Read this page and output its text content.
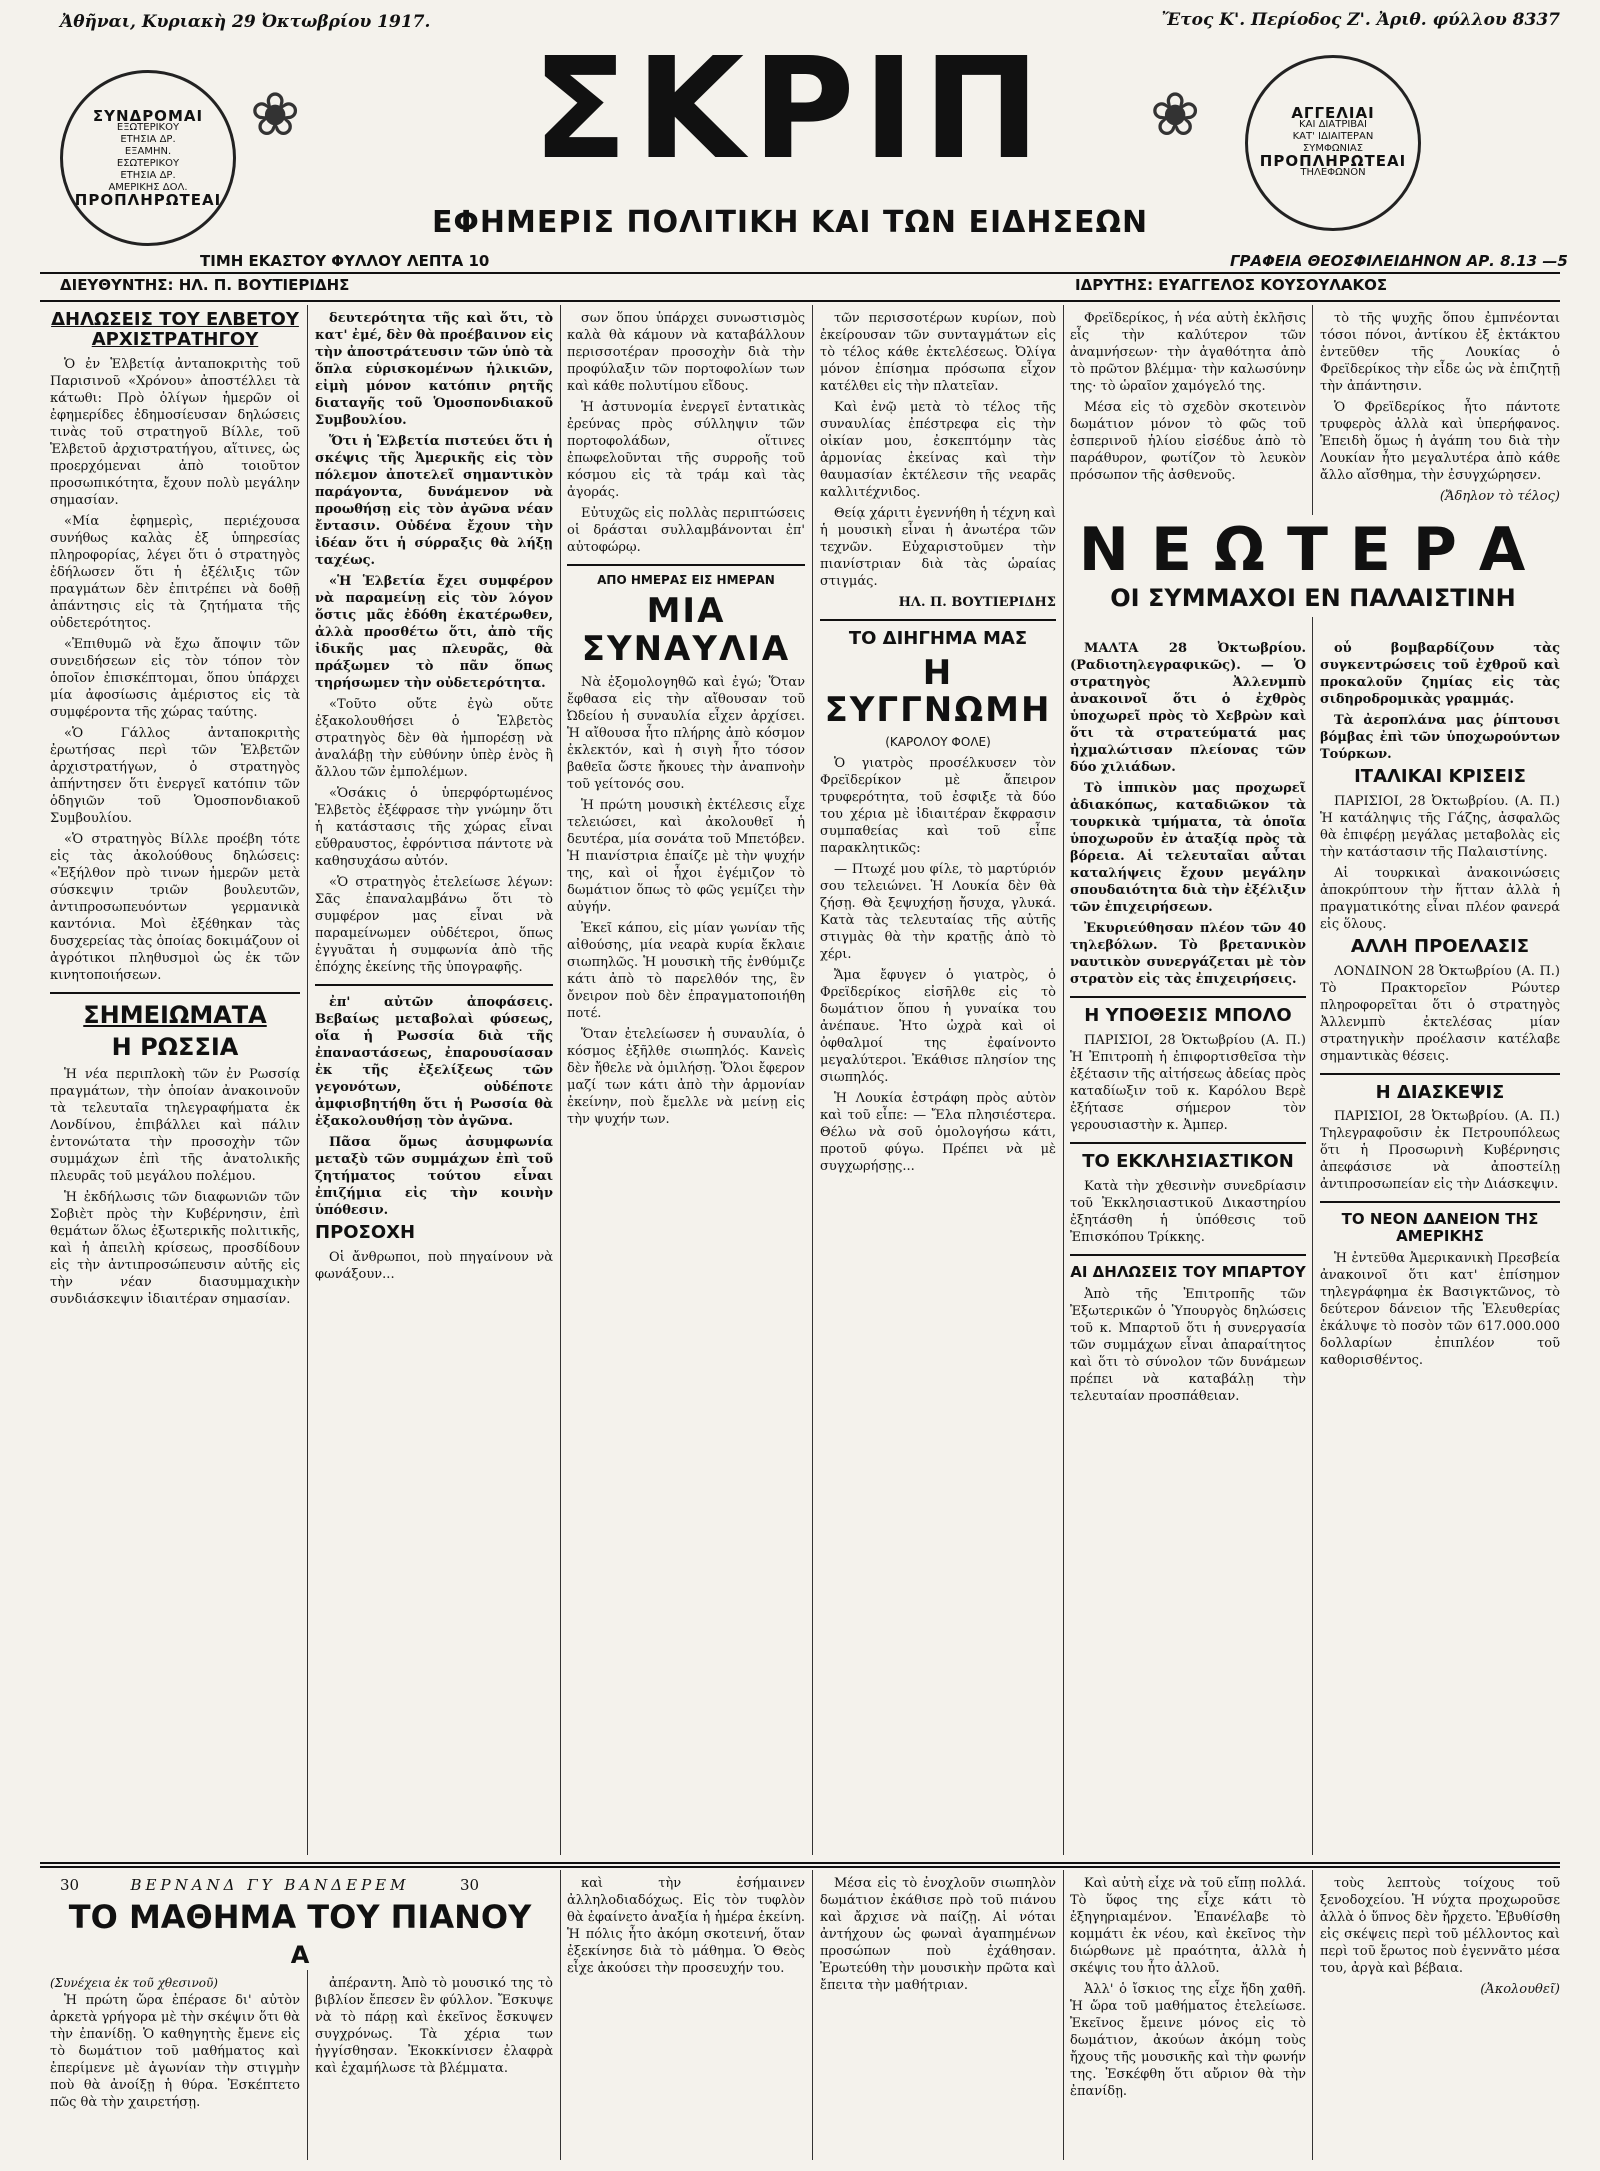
Ἀθῆναι, Κυριακὴ 29 Ὀκτωβρίου 1917.	Ἔτος Κ'. Περίοδος Ζ'. Ἀριθ. φύλλου 8337
ΣΥΝΔΡΟΜΑΙ
ΕΞΩΤΕΡΙΚΟΥ
ΕΤΗΣΙΑ ΔΡ.
ΕΞΑΜΗΝ.
ΕΣΩΤΕΡΙΚΟΥ
ΕΤΗΣΙΑ ΔΡ.
ΑΜΕΡΙΚΗΣ ΔΟΛ.
ΠΡΟΠΛΗΡΩΤΕΑΙ
❀	❀
ΣΚΡΙΠ
ΕΦΗΜΕΡΙΣ ΠΟΛΙΤΙΚΗ ΚΑΙ ΤΩΝ ΕΙΔΗΣΕΩΝ
ΑΓΓΕΛΙΑΙ
ΚΑΙ ΔΙΑΤΡΙΒΑΙ
ΚΑΤ' ΙΔΙΑΙΤΕΡΑΝ
ΣΥΜΦΩΝΙΑΣ
ΠΡΟΠΛΗΡΩΤΕΑΙ
ΤΗΛΕΦΩΝΟΝ
ΤΙΜΗ ΕΚΑΣΤΟΥ ΦΥΛΛΟΥ ΛΕΠΤΑ 10	ΓΡΑΦΕΙΑ ΘΕΟΣΦΙΛΕΙΔΗΝΟΝ ΑΡ. 8.13 —5
ΔΙΕΥΘΥΝΤΗΣ: ΗΛ. Π. ΒΟΥΤΙΕΡΙΔΗΣ	ΙΔΡΥΤΗΣ: ΕΥΑΓΓΕΛΟΣ ΚΟΥΣΟΥΛΑΚΟΣ
ΔΗΛΩΣΕΙΣ ΤΟΥ ΕΛΒΕΤΟΥ ΑΡΧΙΣΤΡΑΤΗΓΟΥ

Ὁ ἐν Ἑλβετίᾳ ἀνταποκριτὴς τοῦ Παρισινοῦ «Χρόνου» ἀποστέλλει τὰ κάτωθι: Πρὸ ὀλίγων ἡμερῶν οἱ ἐφημερίδες ἐδημοσίευσαν δηλώσεις τινὰς τοῦ στρατηγοῦ Βίλλε, τοῦ Ἑλβετοῦ ἀρχιστρατήγου, αἵτινες, ὡς προερχόμεναι ἀπὸ τοιοῦτον προσωπικότητα, ἔχουν πολὺ μεγάλην σημασίαν.

«Μία ἐφημερὶς, περιέχουσα συνήθως καλὰς ἐξ ὑπηρεσίας πληροφορίας, λέγει ὅτι ὁ στρατηγὸς ἐδήλωσεν ὅτι ἡ ἐξέλιξις τῶν πραγμάτων δὲν ἐπιτρέπει νὰ δοθῇ ἀπάντησις εἰς τὰ ζητήματα τῆς οὐδετερότητος.

«Ἐπιθυμῶ νὰ ἔχω ἄποψιν τῶν συνειδήσεων εἰς τὸν τόπον τὸν ὁποῖον ἐπισκέπτομαι, ὅπου ὑπάρχει μία ἀφοσίωσις ἀμέριστος εἰς τὰ συμφέροντα τῆς χώρας ταύτης.

«Ὁ Γάλλος ἀνταποκριτὴς ἐρωτήσας περὶ τῶν Ἑλβετῶν ἀρχιστρατήγων, ὁ στρατηγὸς ἀπήντησεν ὅτι ἐνεργεῖ κατόπιν τῶν ὁδηγιῶν τοῦ Ὁμοσπονδιακοῦ Συμβουλίου.

«Ὁ στρατηγὸς Βίλλε προέβη τότε εἰς τὰς ἀκολούθους δηλώσεις: «Ἐξήλθον πρὸ τινων ἡμερῶν μετὰ σύσκεψιν τριῶν βουλευτῶν, ἀντιπροσωπευόντων γερμανικὰ καντόνια. Μοὶ ἐξέθηκαν τὰς δυσχερείας τὰς ὁποίας δοκιμάζουν οἱ ἀγρότικοι πληθυσμοὶ ὡς ἐκ τῶν κινητοποιήσεων.

ΣΗΜΕΙΩΜΑΤΑ
Η ΡΩΣΣΙΑ

Ἡ νέα περιπλοκὴ τῶν ἐν Ρωσσίᾳ πραγμάτων, τὴν ὁποίαν ἀνακοινοῦν τὰ τελευταῖα τηλεγραφήματα ἐκ Λονδίνου, ἐπιβάλλει καὶ πάλιν ἐντονώτατα τὴν προσοχὴν τῶν συμμάχων ἐπὶ τῆς ἀνατολικῆς πλευρᾶς τοῦ μεγάλου πολέμου.

Ἡ ἐκδήλωσις τῶν διαφωνιῶν τῶν Σοβιὲτ πρὸς τὴν Κυβέρνησιν, ἐπὶ θεμάτων ὅλως ἐξωτερικῆς πολιτικῆς, καὶ ἡ ἀπειλὴ κρίσεως, προσδίδουν εἰς τὴν ἀντιπροσώπευσιν αὐτῆς εἰς τὴν νέαν διασυμμαχικὴν συνδιάσκεψιν ἰδιαιτέραν σημασίαν.

δευτερότητα τῆς καὶ ὅτι, τὸ κατ' ἐμέ, δὲν θὰ προέβαινον εἰς τὴν ἀποστράτευσιν τῶν ὑπὸ τὰ ὅπλα εὑρισκομένων ἡλικιῶν, εἰμὴ μόνον κατόπιν ρητῆς διαταγῆς τοῦ Ὁμοσπονδιακοῦ Συμβουλίου.

Ὅτι ἡ Ἑλβετία πιστεύει ὅτι ἡ σκέψις τῆς Ἀμερικῆς εἰς τὸν πόλεμον ἀποτελεῖ σημαντικὸν παράγοντα, δυνάμενον νὰ προωθήσῃ εἰς τὸν ἀγῶνα νέαν ἔντασιν. Οὐδένα ἔχουν τὴν ἰδέαν ὅτι ἡ σύρραξις θὰ λήξῃ ταχέως.

«Ἡ Ἑλβετία ἔχει συμφέρον νὰ παραμείνῃ εἰς τὸν λόγον ὅστις μᾶς ἐδόθη ἑκατέρωθεν, ἀλλὰ προσθέτω ὅτι, ἀπὸ τῆς ἰδικῆς μας πλευρᾶς, θὰ πράξωμεν τὸ πᾶν ὅπως τηρήσωμεν τὴν οὐδετερότητα.

«Τοῦτο οὔτε ἐγὼ οὔτε ἐξακολουθήσει ὁ Ἑλβετὸς στρατηγὸς δὲν θὰ ἠμπορέσῃ νὰ ἀναλάβῃ τὴν εὐθύνην ὑπὲρ ἑνὸς ἢ ἄλλου τῶν ἐμπολέμων.

«Ὁσάκις ὁ ὑπερφόρτωμένος Ἑλβετὸς ἐξέφρασε τὴν γνώμην ὅτι ἡ κατάστασις τῆς χώρας εἶναι εὔθραυστος, ἐφρόντισα πάντοτε νὰ καθησυχάσω αὐτόν.

«Ὁ στρατηγὸς ἐτελείωσε λέγων: Σᾶς ἐπαναλαμβάνω ὅτι τὸ συμφέρον μας εἶναι νὰ παραμείνωμεν οὐδέτεροι, ὅπως ἐγγυᾶται ἡ συμφωνία ἀπὸ τῆς ἐπόχης ἐκείνης τῆς ὑπογραφῆς.

ἐπ' αὐτῶν ἀποφάσεις. Βεβαίως μεταβολαὶ φύσεως, οἵα ἡ Ρωσσία διὰ τῆς ἐπαναστάσεως, ἐπαρουσίασαν ἐκ τῆς ἐξελίξεως τῶν γεγονότων, οὐδέποτε ἀμφισβητήθη ὅτι ἡ Ρωσσία θὰ ἐξακολουθήσῃ τὸν ἀγῶνα.

Πᾶσα ὅμως ἀσυμφωνία μεταξὺ τῶν συμμάχων ἐπὶ τοῦ ζητήματος τούτου εἶναι ἐπιζήμια εἰς τὴν κοινὴν ὑπόθεσιν.

ΠΡΟΣΟΧΗ

Οἱ ἄνθρωποι, ποὺ πηγαίνουν νὰ φωνάξουν...

σων ὅπου ὑπάρχει συνωστισμὸς καλὰ θὰ κάμουν νὰ καταβάλλουν περισσοτέραν προσοχὴν διὰ τὴν προφύλαξιν τῶν πορτοφολίων των καὶ κάθε πολυτίμου εἴδους.

Ἡ ἀστυνομία ἐνεργεῖ ἐντατικὰς ἐρεύνας πρὸς σύλληψιν τῶν πορτοφολάδων, οἵτινες ἐπωφελοῦνται τῆς συρροῆς τοῦ κόσμου εἰς τὰ τράμ καὶ τὰς ἀγοράς.

Εὐτυχῶς εἰς πολλὰς περιπτώσεις οἱ δράσται συλλαμβάνονται ἐπ' αὐτοφώρῳ.

ΑΠΟ ΗΜΕΡΑΣ ΕΙΣ ΗΜΕΡΑΝ
ΜΙΑ ΣΥΝΑΥΛΙΑ

Νὰ ἐξομολογηθῶ καὶ ἐγώ; Ὅταν ἔφθασα εἰς τὴν αἴθουσαν τοῦ Ὠδείου ἡ συναυλία εἶχεν ἀρχίσει. Ἡ αἴθουσα ἦτο πλήρης ἀπὸ κόσμον ἐκλεκτόν, καὶ ἡ σιγὴ ἦτο τόσον βαθεῖα ὥστε ἤκουες τὴν ἀναπνοὴν τοῦ γείτονός σου.

Ἡ πρώτη μουσικὴ ἐκτέλεσις εἶχε τελειώσει, καὶ ἀκολουθεῖ ἡ δευτέρα, μία σονάτα τοῦ Μπετόβεν. Ἡ πιανίστρια ἐπαίζε μὲ τὴν ψυχήν της, καὶ οἱ ἦχοι ἐγέμιζον τὸ δωμάτιον ὅπως τὸ φῶς γεμίζει τὴν αὐγήν.

Ἐκεῖ κάπου, εἰς μίαν γωνίαν τῆς αἰθούσης, μία νεαρὰ κυρία ἔκλαιε σιωπηλῶς. Ἡ μουσικὴ τῆς ἐνθύμιζε κάτι ἀπὸ τὸ παρελθόν της, ἓν ὄνειρον ποὺ δὲν ἐπραγματοποιήθη ποτέ.

Ὅταν ἐτελείωσεν ἡ συναυλία, ὁ κόσμος ἐξῆλθε σιωπηλός. Κανεὶς δὲν ἤθελε νὰ ὁμιλήσῃ. Ὅλοι ἔφερον μαζί των κάτι ἀπὸ τὴν ἁρμονίαν ἐκείνην, ποὺ ἔμελλε νὰ μείνῃ εἰς τὴν ψυχήν των.

τῶν περισσοτέρων κυρίων, ποὺ ἐκείρουσαν τῶν συνταγμάτων εἰς τὸ τέλος κάθε ἐκτελέσεως. Ὀλίγα μόνον ἐπίσημα πρόσωπα εἶχον κατέλθει εἰς τὴν πλατεῖαν.

Καὶ ἐνῷ μετὰ τὸ τέλος τῆς συναυλίας ἐπέστρεφα εἰς τὴν οἰκίαν μου, ἐσκεπτόμην τὰς ἁρμονίας ἐκείνας καὶ τὴν θαυμασίαν ἐκτέλεσιν τῆς νεαρᾶς καλλιτέχνιδος.

Θείᾳ χάριτι ἐγεννήθη ἡ τέχνη καὶ ἡ μουσικὴ εἶναι ἡ ἀνωτέρα τῶν τεχνῶν. Εὐχαριστοῦμεν τὴν πιανίστριαν διὰ τὰς ὡραίας στιγμάς.

ΗΛ. Π. ΒΟΥΤΙΕΡΙΔΗΣ
ΤΟ ΔΙΗΓΗΜΑ ΜΑΣ
Η ΣΥΓΓΝΩΜΗ
(ΚΑΡΟΛΟΥ ΦΟΛΕ)

Ὁ γιατρὸς προσέλκυσεν τὸν Φρεϊδερίκον μὲ ἄπειρον τρυφερότητα, τοῦ ἐσφιξε τὰ δύο του χέρια μὲ ἰδιαιτέραν ἔκφρασιν συμπαθείας καὶ τοῦ εἶπε παρακλητικῶς:

— Πτωχέ μου φίλε, τὸ μαρτύριόν σου τελειώνει. Ἡ Λουκία δὲν θὰ ζήσῃ. Θὰ ξεψυχήσῃ ἤσυχα, γλυκά. Κατὰ τὰς τελευταίας τῆς αὐτῆς στιγμὰς θὰ τὴν κρατῇς ἀπὸ τὸ χέρι.

Ἄμα ἔφυγεν ὁ γιατρὸς, ὁ Φρεϊδερίκος εἰσῆλθε εἰς τὸ δωμάτιον ὅπου ἡ γυναίκα του ἀνέπαυε. Ἡτο ὠχρὰ καὶ οἱ ὀφθαλμοί της ἐφαίνοντο μεγαλύτεροι. Ἐκάθισε πλησίον της σιωπηλός.

Ἡ Λουκία ἐστράφη πρὸς αὐτὸν καὶ τοῦ εἶπε: — Ἔλα πλησιέστερα. Θέλω νὰ σοῦ ὁμολογήσω κάτι, προτοῦ φύγω. Πρέπει νὰ μὲ συγχωρήσῃς...

Φρεϊδερίκος, ἡ νέα αὐτὴ ἐκλῆσις εἶς τὴν καλύτερον τῶν ἀναμνήσεων· τὴν ἀγαθότητα ἀπὸ τὸ πρῶτον βλέμμα· τὴν καλωσύνην της· τὸ ὡραῖον χαμόγελό της.

Μέσα εἰς τὸ σχεδὸν σκοτεινὸν δωμάτιον μόνον τὸ φῶς τοῦ ἐσπερινοῦ ἡλίου εἰσέδυε ἀπὸ τὸ παράθυρον, φωτίζον τὸ λευκὸν πρόσωπον τῆς ἀσθενοῦς.

ΝΕΩΤΕΡΑ
ΟΙ ΣΥΜΜΑΧΟΙ ΕΝ ΠΑΛΑΙΣΤΙΝΗ

ΜΑΛΤΑ 28 Ὀκτωβρίου. (Ραδιοτηλεγραφικῶς). — Ὁ στρατηγὸς Ἀλλενμπὺ ἀνακοινοῖ ὅτι ὁ ἐχθρὸς ὑποχωρεῖ πρὸς τὸ Χεβρὼν καὶ ὅτι τὰ στρατεύματά μας ἠχμαλώτισαν πλείονας τῶν δύο χιλιάδων.

Τὸ ἱππικὸν μας προχωρεῖ ἀδιακόπως, καταδιῶκον τὰ τουρκικὰ τμήματα, τὰ ὁποῖα ὑποχωροῦν ἐν ἀταξίᾳ πρὸς τὰ βόρεια. Αἱ τελευταῖαι αὗται καταλήψεις ἔχουν μεγάλην σπουδαιότητα διὰ τὴν ἐξέλιξιν τῶν ἐπιχειρήσεων.

Ἐκυριεύθησαν πλέον τῶν 40 τηλεβόλων. Τὸ βρετανικὸν ναυτικὸν συνεργάζεται μὲ τὸν στρατὸν εἰς τὰς ἐπιχειρήσεις.

Η ΥΠΟΘΕΣΙΣ ΜΠΟΛΟ

ΠΑΡΙΣΙΟΙ, 28 Ὀκτωβρίου (Α. Π.) Ἡ Ἐπιτροπὴ ἡ ἐπιφορτισθεῖσα τὴν ἐξέτασιν τῆς αἰτήσεως ἀδείας πρὸς καταδίωξιν τοῦ κ. Καρόλου Βερὲ ἐξήτασε σήμερον τὸν γερουσιαστὴν κ. Ἀμπερ.

ΤΟ ΕΚΚΛΗΣΙΑΣΤΙΚΟΝ

Κατὰ τὴν χθεσινὴν συνεδρίασιν τοῦ Ἐκκλησιαστικοῦ Δικαστηρίου ἐξητάσθη ἡ ὑπόθεσις τοῦ Ἐπισκόπου Τρίκκης.

ΑΙ ΔΗΛΩΣΕΙΣ ΤΟΥ ΜΠΑΡΤΟΥ

Ἀπὸ τῆς Ἐπιτροπῆς τῶν Ἐξωτερικῶν ὁ Ὑπουργὸς δηλώσεις τοῦ κ. Μπαρτοῦ ὅτι ἡ συνεργασία τῶν συμμάχων εἶναι ἀπαραίτητος καὶ ὅτι τὸ σύνολον τῶν δυνάμεων πρέπει νὰ καταβάλῃ τὴν τελευταίαν προσπάθειαν.

τὸ τῆς ψυχῆς ὅπου ἐμπνέονται τόσοι πόνοι, ἀντίκου ἐξ ἐκτάκτου ἐντεῦθεν τῆς Λουκίας ὁ Φρεϊδερίκος τὴν εἶδε ὡς νὰ ἐπιζητῇ τὴν ἀπάντησιν.

Ὁ Φρεϊδερίκος ἦτο πάντοτε τρυφερὸς ἀλλὰ καὶ ὑπερήφανος. Ἐπειδὴ ὅμως ἡ ἀγάπη του διὰ τὴν Λουκίαν ἦτο μεγαλυτέρα ἀπὸ κάθε ἄλλο αἴσθημα, τὴν ἐσυγχώρησεν.

(Ἄδηλον τὸ τέλος)

οὗ βομβαρδίζουν τὰς συγκεντρώσεις τοῦ ἐχθροῦ καὶ προκαλοῦν ζημίας εἰς τὰς σιδηροδρομικὰς γραμμάς.

Τὰ ἀεροπλάνα μας ῥίπτουσι βόμβας ἐπὶ τῶν ὑποχωρούντων Τούρκων.

ΙΤΑΛΙΚΑΙ ΚΡΙΣΕΙΣ

ΠΑΡΙΣΙΟΙ, 28 Ὀκτωβρίου. (Α. Π.) Ἡ κατάληψις τῆς Γάζης, ἀσφαλῶς θὰ ἐπιφέρῃ μεγάλας μεταβολὰς εἰς τὴν κατάστασιν τῆς Παλαιστίνης.

Αἱ τουρκικαὶ ἀνακοινώσεις ἀποκρύπτουν τὴν ἥτταν ἀλλὰ ἡ πραγματικότης εἶναι πλέον φανερά εἰς ὅλους.

ΑΛΛΗ ΠΡΟΕΛΑΣΙΣ

ΛΟΝΔΙΝΟΝ 28 Ὀκτωβρίου (Α. Π.) Τὸ Πρακτορεῖον Ρώυτερ πληροφορεῖται ὅτι ὁ στρατηγὸς Ἀλλενμπὺ ἐκτελέσας μίαν στρατηγικὴν προέλασιν κατέλαβε σημαντικὰς θέσεις.

Η ΔΙΑΣΚΕΨΙΣ

ΠΑΡΙΣΙΟΙ, 28 Ὀκτωβρίου. (Α. Π.) Τηλεγραφοῦσιν ἐκ Πετρουπόλεως ὅτι ἡ Προσωρινὴ Κυβέρνησις ἀπεφάσισε νὰ ἀποστείλῃ ἀντιπροσωπείαν εἰς τὴν Διάσκεψιν.

ΤΟ ΝΕΟΝ ΔΑΝΕΙΟΝ ΤΗΣ ΑΜΕΡΙΚΗΣ

Ἡ ἐντεῦθα Ἀμερικανικὴ Πρεσβεία ἀνακοινοῖ ὅτι κατ' ἐπίσημον τηλεγράφημα ἐκ Βασιγκτῶνος, τὸ δεύτερον δάνειον τῆς Ἐλευθερίας ἐκάλυψε τὸ ποσὸν τῶν 617.000.000 δολλαρίων ἐπιπλέον τοῦ καθορισθέντος.

30	ΒΕΡΝΑΝΔ ΓΥ ΒΑΝΔΕΡΕΜ	30
ΤΟ ΜΑΘΗΜΑ ΤΟΥ ΠΙΑΝΟΥ
Α
(Συνέχεια ἐκ τοῦ χθεσινοῦ)

Ἡ πρώτη ὥρα ἐπέρασε δι' αὐτὸν ἀρκετὰ γρήγορα μὲ τὴν σκέψιν ὅτι θὰ τὴν ἐπανίδῃ. Ὁ καθηγητὴς ἔμενε εἰς τὸ δωμάτιον τοῦ μαθήματος καὶ ἐπερίμενε μὲ ἀγωνίαν τὴν στιγμὴν ποὺ θὰ ἀνοίξῃ ἡ θύρα. Ἐσκέπτετο πῶς θὰ τὴν χαιρετήσῃ.

ἀπέραντη. Ἀπὸ τὸ μουσικό της τὸ βιβλίον ἔπεσεν ἓν φύλλον. Ἔσκυψε νὰ τὸ πάρῃ καὶ ἐκεῖνος ἔσκυψεν συγχρόνως. Τὰ χέρια των ἠγγίσθησαν. Ἐκοκκίνισεν ἐλαφρὰ καὶ ἐχαμήλωσε τὰ βλέμματα.

καὶ τὴν ἐσήμαινεν ἀλληλοδιαδόχως. Εἰς τὸν τυφλὸν θὰ ἐφαίνετο ἀναξία ἡ ἡμέρα ἐκείνη. Ἡ πόλις ἦτο ἀκόμη σκοτεινή, ὅταν ἐξεκίνησε διὰ τὸ μάθημα. Ὁ Θεὸς εἶχε ἀκούσει τὴν προσευχήν του.

Μέσα εἰς τὸ ἐνοχλοῦν σιωπηλὸν δωμάτιον ἐκάθισε πρὸ τοῦ πιάνου καὶ ἄρχισε νὰ παίζῃ. Αἱ νόται ἀντήχουν ὡς φωναὶ ἀγαπημένων προσώπων ποὺ ἐχάθησαν. Ἐρωτεύθη τὴν μουσικὴν πρῶτα καὶ ἔπειτα τὴν μαθήτριαν.

Καὶ αὐτὴ εἶχε νὰ τοῦ εἴπῃ πολλά. Τὸ ὕφος της εἶχε κάτι τὸ ἐξηγηριαμένον. Ἐπανέλαβε τὸ κομμάτι ἐκ νέου, καὶ ἐκεῖνος τὴν διώρθωνε μὲ πραότητα, ἀλλὰ ἡ σκέψις του ἦτο ἀλλοῦ.

Ἀλλ' ὁ ἴσκιος της εἶχε ἤδη χαθῆ. Ἡ ὥρα τοῦ μαθήματος ἐτελείωσε. Ἐκεῖνος ἔμεινε μόνος εἰς τὸ δωμάτιον, ἀκούων ἀκόμη τοὺς ἤχους τῆς μουσικῆς καὶ τὴν φωνήν της. Ἐσκέφθη ὅτι αὔριον θὰ τὴν ἐπανίδῃ.

τοὺς λεπτοὺς τοίχους τοῦ ξενοδοχείου. Ἡ νύχτα προχωροῦσε ἀλλὰ ὁ ὕπνος δὲν ἤρχετο. Ἐβυθίσθη εἰς σκέψεις περὶ τοῦ μέλλοντος καὶ περὶ τοῦ ἔρωτος ποὺ ἐγεννᾶτο μέσα του, ἀργὰ καὶ βέβαια.

(Ἀκολουθεῖ)
